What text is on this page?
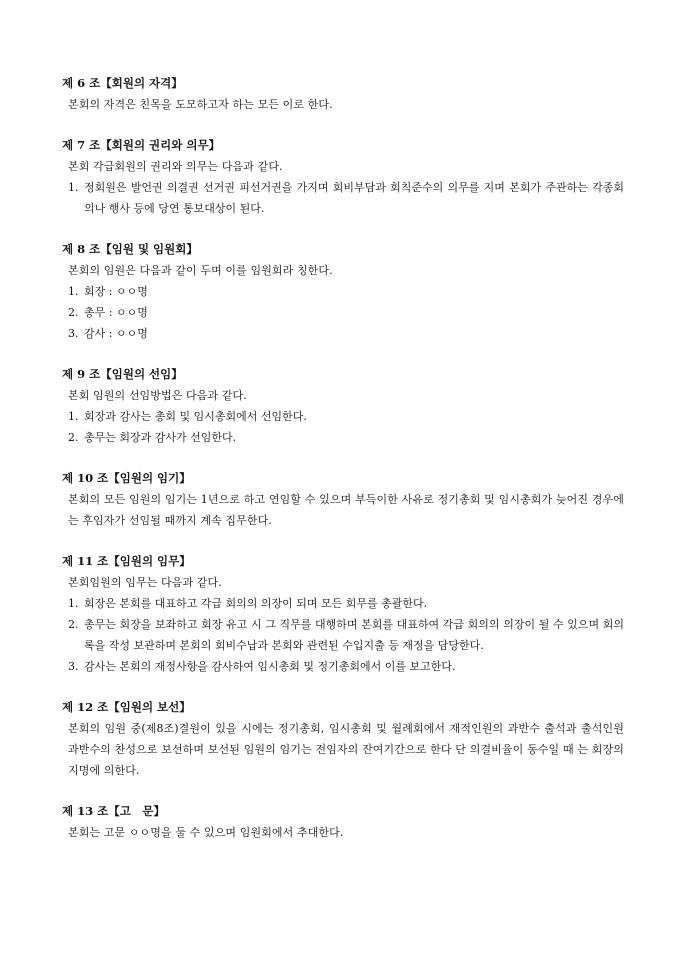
제 6 조【회원의 자격】
본회의 자격은 친목을 도모하고자 하는 모든 이로 한다.
제 7 조【회원의 권리와 의무】
본회 각급회원의 권리와 의무는 다음과 같다.
1. 정회원은 발언권 의결권 선거권 피선거권을 가지며 회비부담과 회칙준수의 의무를 지며 본회가 주관하는 각종회의나 행사 등에 당연 통보대상이 된다.
제 8 조【임원 및 임원회】
본회의 임원은 다음과 같이 두며 이를 임원회라 칭한다.
1. 회장 : ㅇㅇ명
2. 총무 : ㅇㅇ명
3. 감사 : ㅇㅇ명
제 9 조【임원의 선임】
본회 임원의 선임방법은 다음과 같다.
1. 회장과 감사는 총회 및 임시총회에서 선임한다.
2. 총무는 회장과 감사가 선임한다.
제 10 조【임원의 임기】
본회의 모든 임원의 임기는 1년으로 하고 연임할 수 있으며 부득이한 사유로 정기총회 및 임시총회가 늦어진 경우에는 후임자가 선임될 때까지 계속 집무한다.
제 11 조【임원의 임무】
본회임원의 임무는 다음과 같다.
1. 회장은 본회를 대표하고 각급 회의의 의장이 되며 모든 회무를 총괄한다.
2. 총무는 회장을 보좌하고 회장 유고 시 그 직무를 대행하며 본회를 대표하여 각급 회의의 의장이 될 수 있으며 회의록을 작성 보관하며 본회의 회비수납과 본회와 관련된 수입지출 등 재정을 담당한다.
3. 감사는 본회의 재정사항을 감사하여 임시총회 및 정기총회에서 이를 보고한다.
제 12 조【임원의 보선】
본회의 임원 중(제8조)결원이 있을 시에는 정기총회, 임시총회 및 월례회에서 재적인원의 과반수 출석과 출석인원 과반수의 찬성으로 보선하며 보선된 임원의 임기는 전임자의 잔여기간으로 한다 단 의결비율이 동수일 때 는 회장의 지명에 의한다.
제 13 조【고　문】
본회는 고문 ㅇㅇ명을 둘 수 있으며 임원회에서 추대한다.
